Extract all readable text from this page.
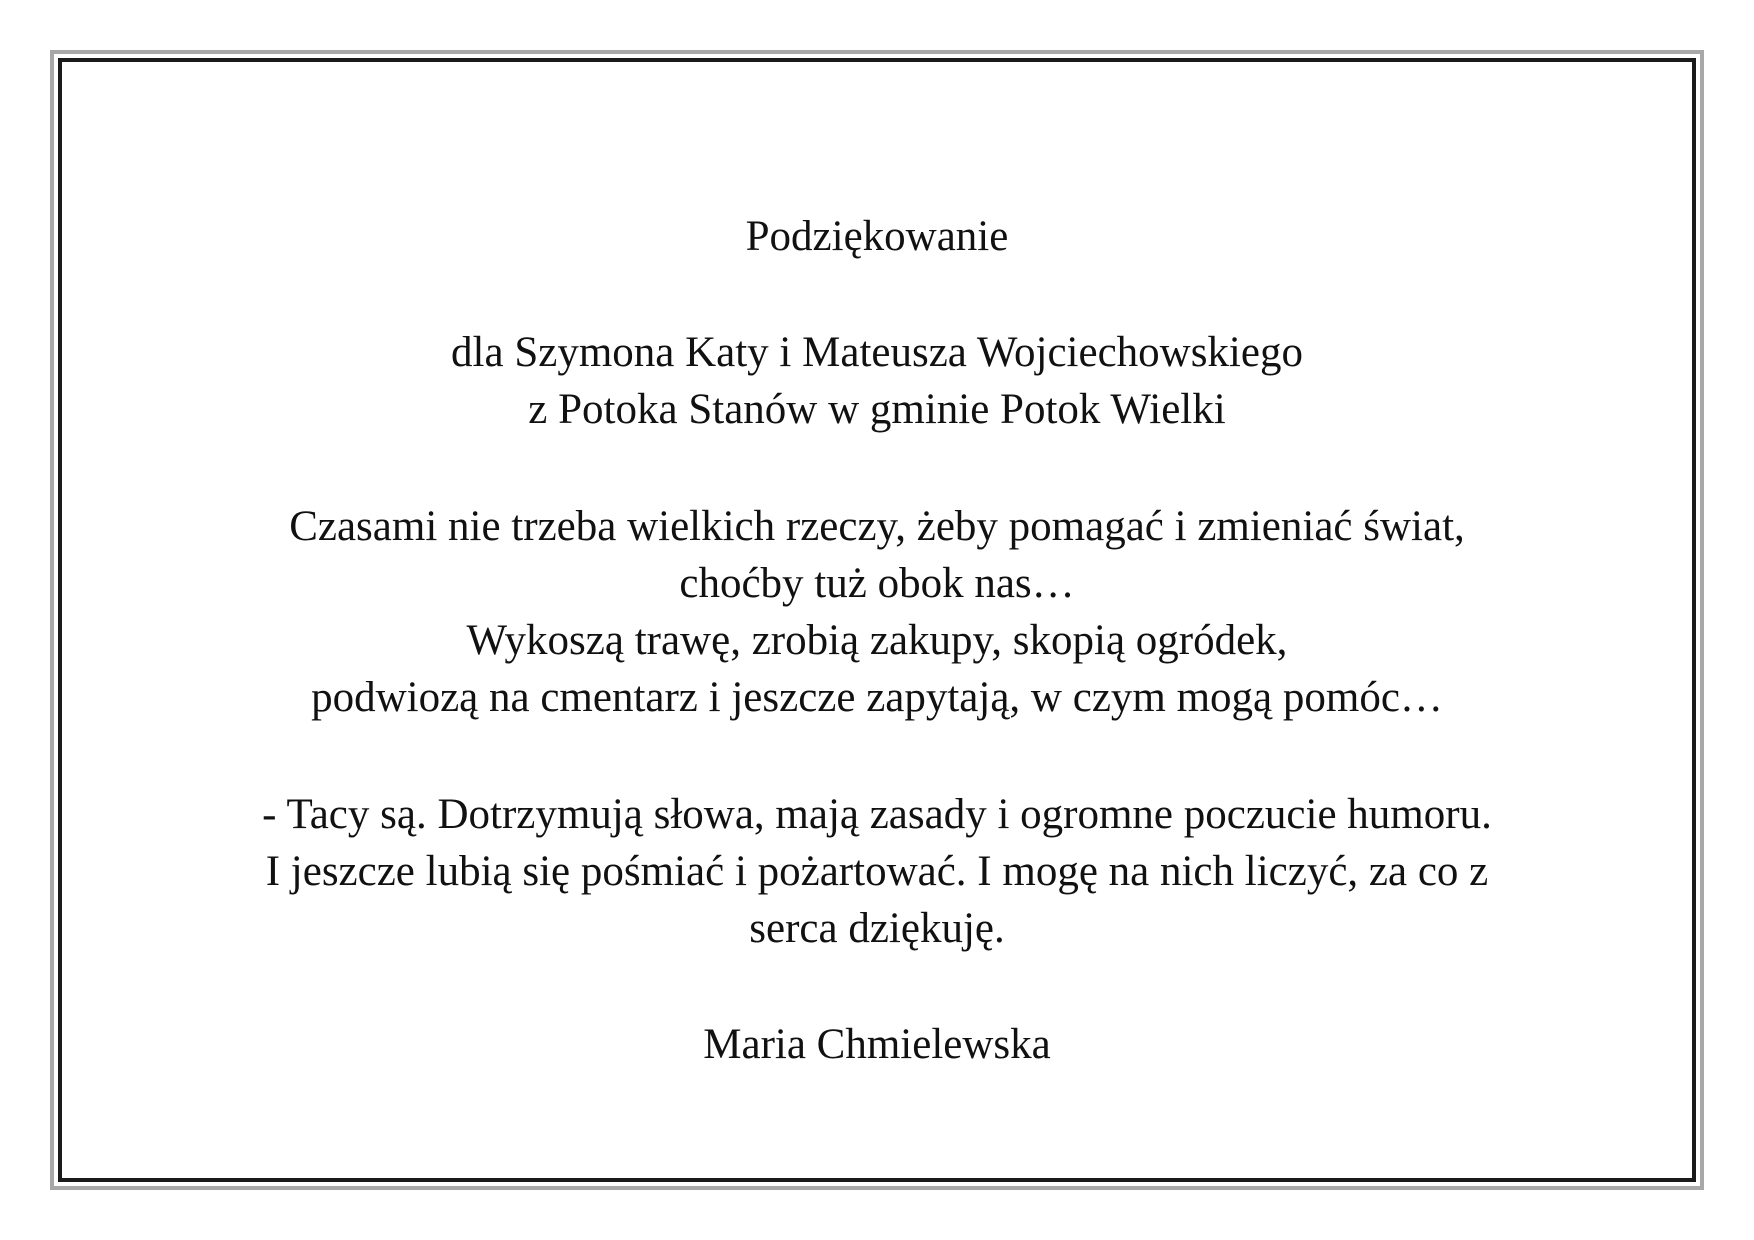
Podziękowanie

dla Szymona Katy i Mateusza Wojciechowskiego

z Potoka Stanów w gminie Potok Wielki

Czasami nie trzeba wielkich rzeczy, żeby pomagać i zmieniać świat,

choćby tuż obok nas…

Wykoszą trawę, zrobią zakupy, skopią ogródek,

podwiozą na cmentarz i jeszcze zapytają, w czym mogą pomóc…

- Tacy są. Dotrzymują słowa, mają zasady i ogromne poczucie humoru.

I jeszcze lubią się pośmiać i pożartować. I mogę na nich liczyć, za co z

serca dziękuję.

Maria Chmielewska
